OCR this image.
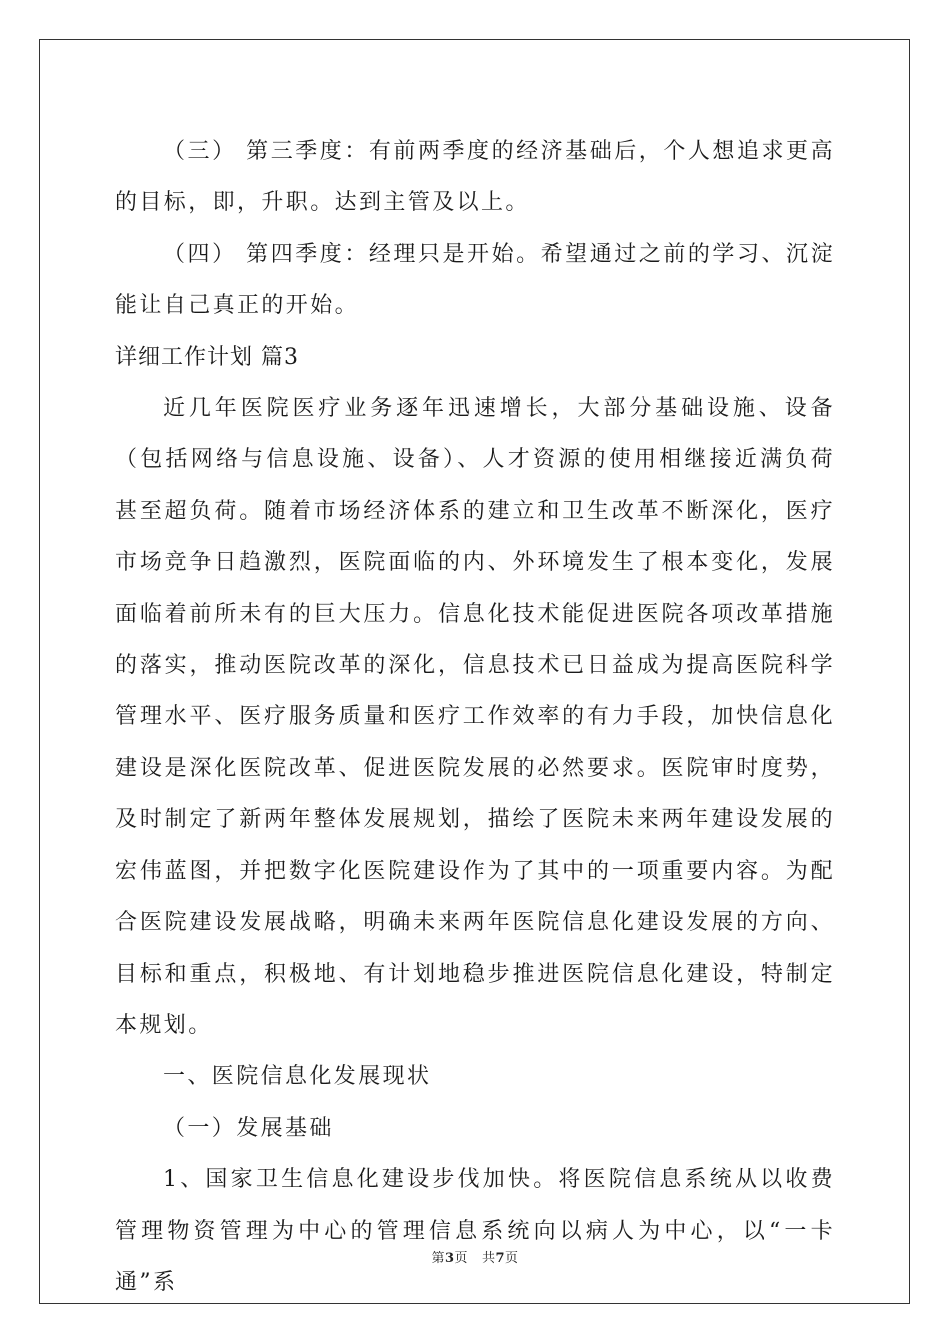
（三） 第三季度：有前两季度的经济基础后，个人想追求更高的目标，即，升职。达到主管及以上。

（四） 第四季度：经理只是开始。希望通过之前的学习、沉淀能让自己真正的开始。

详细工作计划 篇3

近几年医院医疗业务逐年迅速增长，大部分基础设施、设备（包括网络与信息设施、设备）、人才资源的使用相继接近满负荷甚至超负荷。随着市场经济体系的建立和卫生改革不断深化，医疗市场竞争日趋激烈，医院面临的内、外环境发生了根本变化，发展面临着前所未有的巨大压力。信息化技术能促进医院各项改革措施的落实，推动医院改革的深化，信息技术已日益成为提高医院科学管理水平、医疗服务质量和医疗工作效率的有力手段，加快信息化建设是深化医院改革、促进医院发展的必然要求。医院审时度势，及时制定了新两年整体发展规划，描绘了医院未来两年建设发展的宏伟蓝图，并把数字化医院建设作为了其中的一项重要内容。为配合医院建设发展战略，明确未来两年医院信息化建设发展的方向、目标和重点，积极地、有计划地稳步推进医院信息化建设，特制定本规划。

一、医院信息化发展现状

（一）发展基础

1、国家卫生信息化建设步伐加快。将医院信息系统从以收费管理物资管理为中心的管理信息系统向以病人为中心，以“一卡通”系

第3页 共7页
